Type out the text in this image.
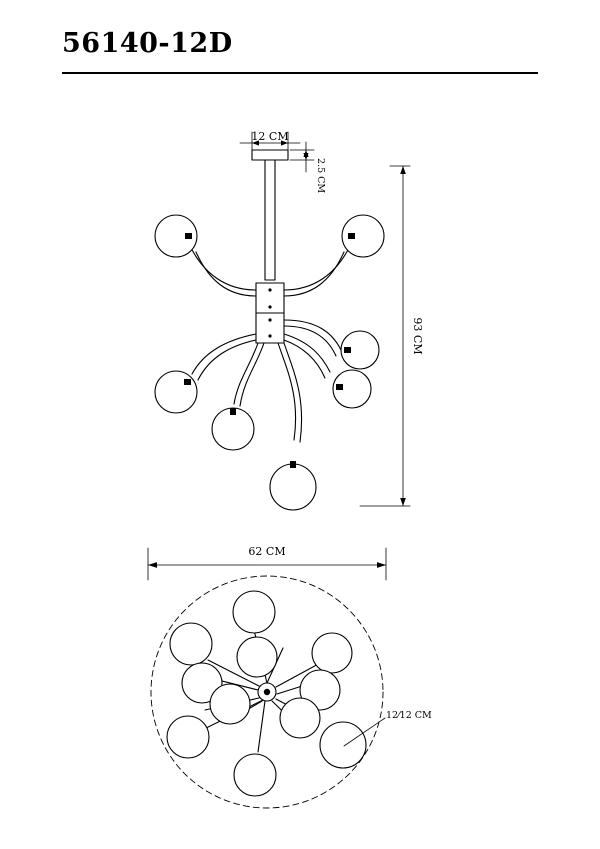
56140-12D
12 CM
2.5 CM
93 CM
62 CM
12⁄12 CM
